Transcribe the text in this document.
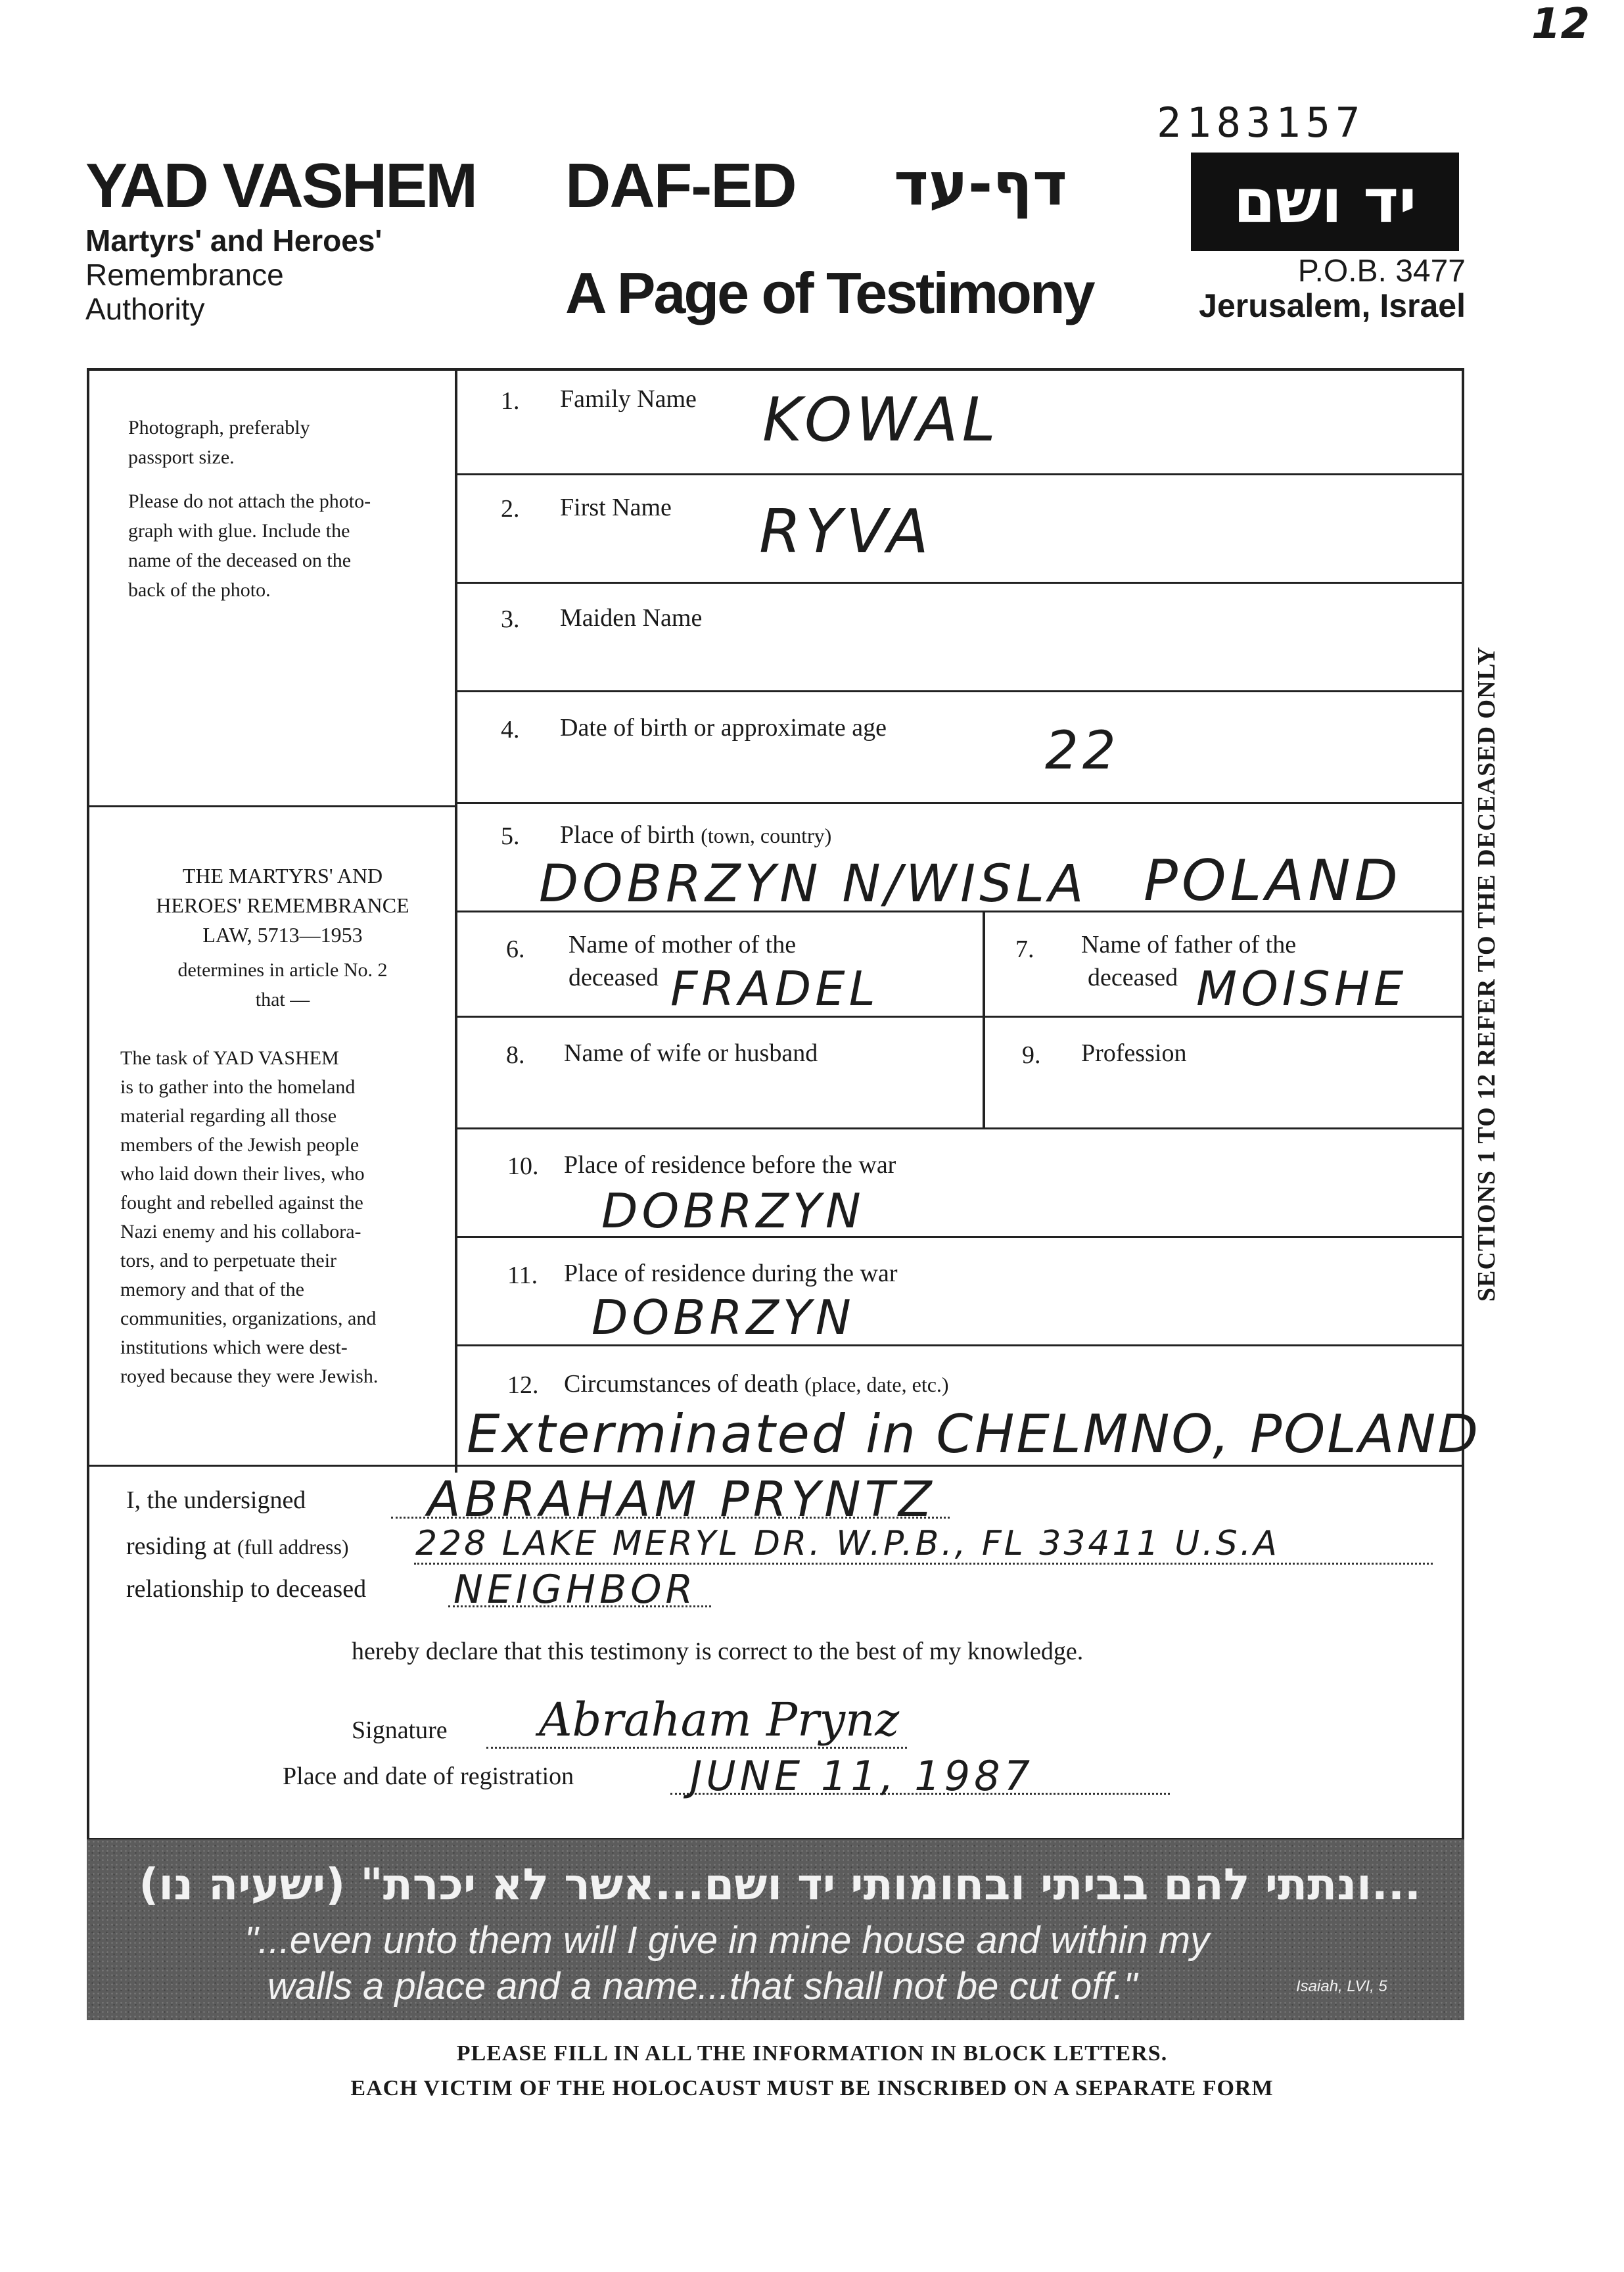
12
2183157
YAD VASHEM
Martyrs' and Heroes'
Remembrance
Authority
DAF-ED דף-עד
A Page of Testimony
יד ושם
P.O.B. 3477
Jerusalem, Israel
Photograph, preferably
passport size.
Please do not attach the photo-
graph with glue. Include the
name of the deceased on the
back of the photo.
THE MARTYRS' AND
HEROES' REMEMBRANCE
LAW, 5713—1953
determines in article No. 2
that —
The task of YAD VASHEM
is to gather into the homeland
material regarding all those
members of the Jewish people
who laid down their lives, who
fought and rebelled against the
Nazi enemy and his collabora-
tors, and to perpetuate their
memory and that of the
communities, organizations, and
institutions which were dest-
royed because they were Jewish.
1. Family Name KOWAL
2. First Name RYVA
3. Maiden Name
4. Date of birth or approximate age	22
5. Place of birth (town, country)
DOBRZYN N/WISLA POLAND
6. Name of mother of the
deceased FRADEL
7. Name of father of the
deceased MOISHE
8. Name of wife or husband	9. Profession
10. Place of residence before the war
DOBRZYN
11. Place of residence during the war
DOBRZYN
12. Circumstances of death (place, date, etc.)
Exterminated in CHELMNO, POLAND
SECTIONS 1 TO 12 REFER TO THE DECEASED ONLY
I, the undersigned ABRAHAM PRYNTZ
residing at (full address) 228 LAKE MERYL DR. W.P.B., FL 33411 U.S.A
relationship to deceased NEIGHBOR
hereby declare that this testimony is correct to the best of my knowledge.
Signature Abraham Prynz
Place and date of registration	JUNE 11, 1987
...ונתתי להם בביתי ובחומותי יד ושם...אשר לא יכרת" (ישעיה נו)
"...even unto them will I give in mine house and within my
walls a place and a name...that shall not be cut off."	Isaiah, LVI, 5
PLEASE FILL IN ALL THE INFORMATION IN BLOCK LETTERS.
EACH VICTIM OF THE HOLOCAUST MUST BE INSCRIBED ON A SEPARATE FORM
